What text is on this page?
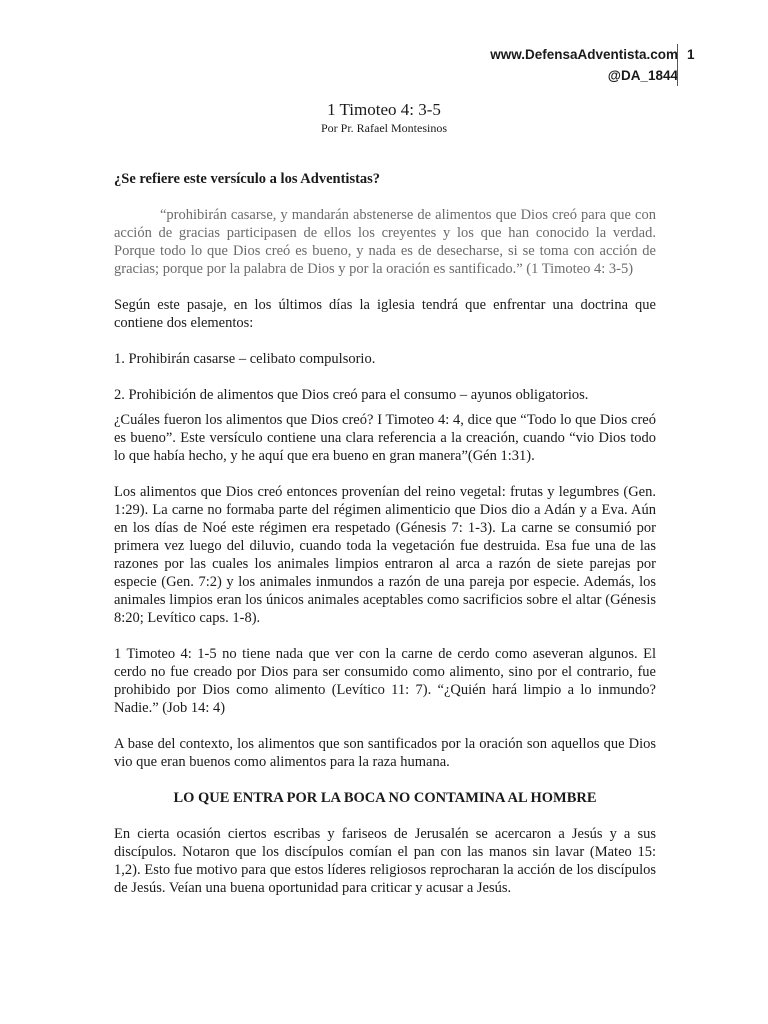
www.DefensaAdventista.com
@DA_1844
1
1 Timoteo 4: 3-5
Por Pr. Rafael Montesinos

¿Se refiere este versículo a los Adventistas?

“prohibirán casarse, y mandarán abstenerse de alimentos que Dios creó para que con acción de gracias participasen de ellos los creyentes y los que han conocido la verdad. Porque todo lo que Dios creó es bueno, y nada es de desecharse, si se toma con acción de gracias; porque por la palabra de Dios y por la oración es santificado.” (1 Timoteo 4: 3-5)

Según este pasaje, en los últimos días la iglesia tendrá que enfrentar una doctrina que contiene dos elementos:

1. Prohibirán casarse – celibato compulsorio.

2. Prohibición de alimentos que Dios creó para el consumo – ayunos obligatorios.

¿Cuáles fueron los alimentos que Dios creó? I Timoteo 4: 4, dice que “Todo lo que Dios creó es bueno”. Este versículo contiene una clara referencia a la creación, cuando “vio Dios todo lo que había hecho, y he aquí que era bueno en gran manera”(Gén 1:31).

Los alimentos que Dios creó entonces provenían del reino vegetal: frutas y legumbres (Gen. 1:29). La carne no formaba parte del régimen alimenticio que Dios dio a Adán y a Eva. Aún en los días de Noé este régimen era respetado (Génesis 7: 1-3). La carne se consumió por primera vez luego del diluvio, cuando toda la vegetación fue destruida. Esa fue una de las razones por las cuales los animales limpios entraron al arca a razón de siete parejas por especie (Gen. 7:2) y los animales inmundos a razón de una pareja por especie. Además, los animales limpios eran los únicos animales aceptables como sacrificios sobre el altar (Génesis 8:20; Levítico caps. 1-8).

1 Timoteo 4: 1-5 no tiene nada que ver con la carne de cerdo como aseveran algunos. El cerdo no fue creado por Dios para ser consumido como alimento, sino por el contrario, fue prohibido por Dios como alimento (Levítico 11: 7). “¿Quién hará limpio a lo inmundo? Nadie.” (Job 14: 4)

A base del contexto, los alimentos que son santificados por la oración son aquellos que Dios vio que eran buenos como alimentos para la raza humana.

LO QUE ENTRA POR LA BOCA NO CONTAMINA AL HOMBRE

En cierta ocasión ciertos escribas y fariseos de Jerusalén se acercaron a Jesús y a sus discípulos. Notaron que los discípulos comían el pan con las manos sin lavar (Mateo 15: 1,2). Esto fue motivo para que estos líderes religiosos reprocharan la acción de los discípulos de Jesús. Veían una buena oportunidad para criticar y acusar a Jesús.
